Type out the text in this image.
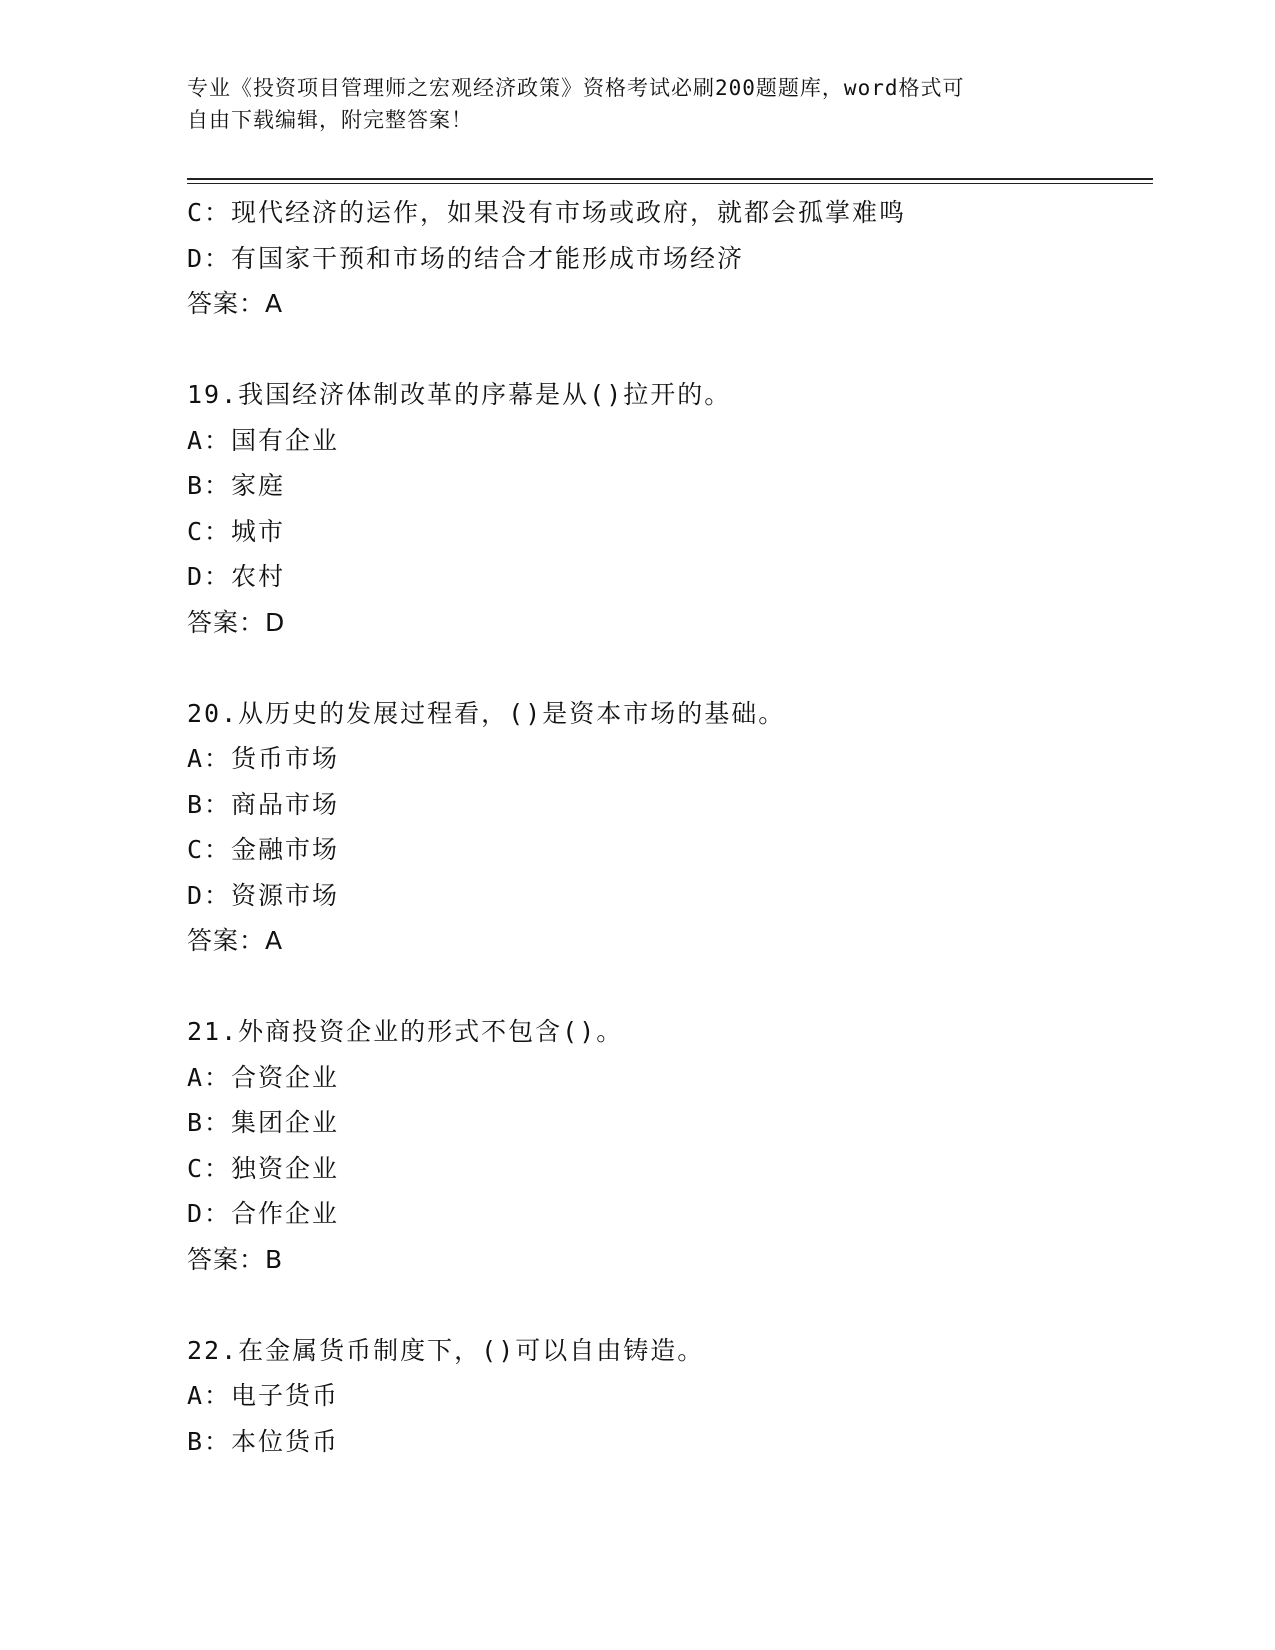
专业《投资项目管理师之宏观经济政策》资格考试必刷200题题库，word格式可
自由下载编辑，附完整答案！
C：现代经济的运作，如果没有市场或政府，就都会孤掌难鸣
D：有国家干预和市场的结合才能形成市场经济
答案：A
19.我国经济体制改革的序幕是从()拉开的。
A：国有企业
B：家庭
C：城市
D：农村
答案：D
20.从历史的发展过程看，()是资本市场的基础。
A：货币市场
B：商品市场
C：金融市场
D：资源市场
答案：A
21.外商投资企业的形式不包含()。
A：合资企业
B：集团企业
C：独资企业
D：合作企业
答案：B
22.在金属货币制度下，()可以自由铸造。
A：电子货币
B：本位货币
